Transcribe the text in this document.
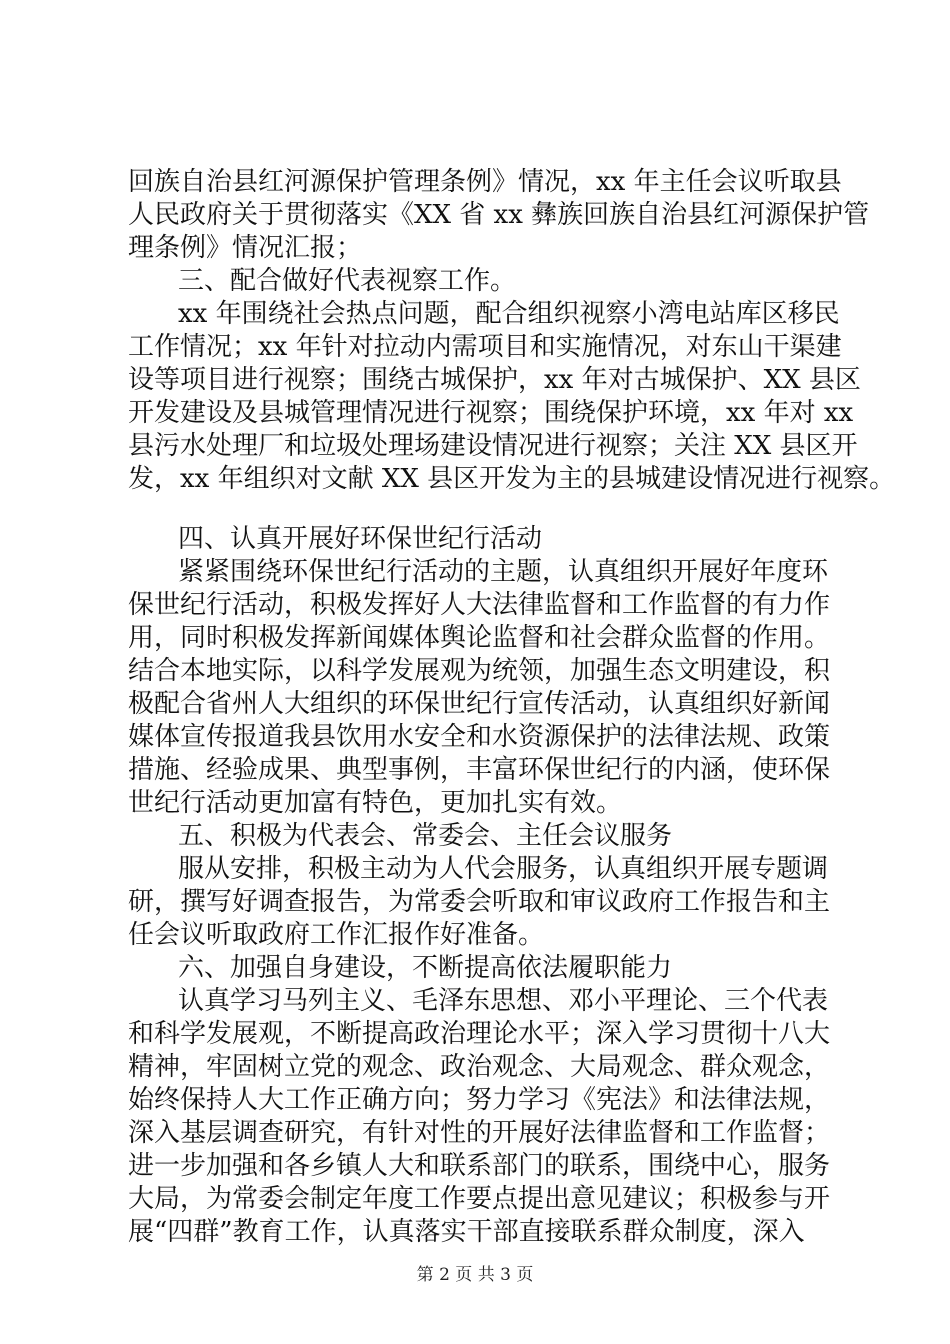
回族自治县红河源保护管理条例》情况，xx 年主任会议听取县
人民政府关于贯彻落实《XX 省 xx 彝族回族自治县红河源保护管
理条例》情况汇报；
三、配合做好代表视察工作。
xx 年围绕社会热点问题，配合组织视察小湾电站库区移民
工作情况；xx 年针对拉动内需项目和实施情况，对东山干渠建
设等项目进行视察；围绕古城保护，xx 年对古城保护、XX 县区
开发建设及县城管理情况进行视察；围绕保护环境，xx 年对 xx
县污水处理厂和垃圾处理场建设情况进行视察；关注 XX 县区开
发，xx 年组织对文献 XX 县区开发为主的县城建设情况进行视察。
四、认真开展好环保世纪行活动
紧紧围绕环保世纪行活动的主题，认真组织开展好年度环
保世纪行活动，积极发挥好人大法律监督和工作监督的有力作
用，同时积极发挥新闻媒体舆论监督和社会群众监督的作用。
结合本地实际，以科学发展观为统领，加强生态文明建设，积
极配合省州人大组织的环保世纪行宣传活动，认真组织好新闻
媒体宣传报道我县饮用水安全和水资源保护的法律法规、政策
措施、经验成果、典型事例，丰富环保世纪行的内涵，使环保
世纪行活动更加富有特色，更加扎实有效。
五、积极为代表会、常委会、主任会议服务
服从安排，积极主动为人代会服务，认真组织开展专题调
研，撰写好调查报告，为常委会听取和审议政府工作报告和主
任会议听取政府工作汇报作好准备。
六、加强自身建设，不断提高依法履职能力
认真学习马列主义、毛泽东思想、邓小平理论、三个代表
和科学发展观，不断提高政治理论水平；深入学习贯彻十八大
精神，牢固树立党的观念、政治观念、大局观念、群众观念，
始终保持人大工作正确方向；努力学习《宪法》和法律法规，
深入基层调查研究，有针对性的开展好法律监督和工作监督；
进一步加强和各乡镇人大和联系部门的联系，围绕中心，服务
大局，为常委会制定年度工作要点提出意见建议；积极参与开
展“四群”教育工作，认真落实干部直接联系群众制度，深入
第 2 页 共 3 页
